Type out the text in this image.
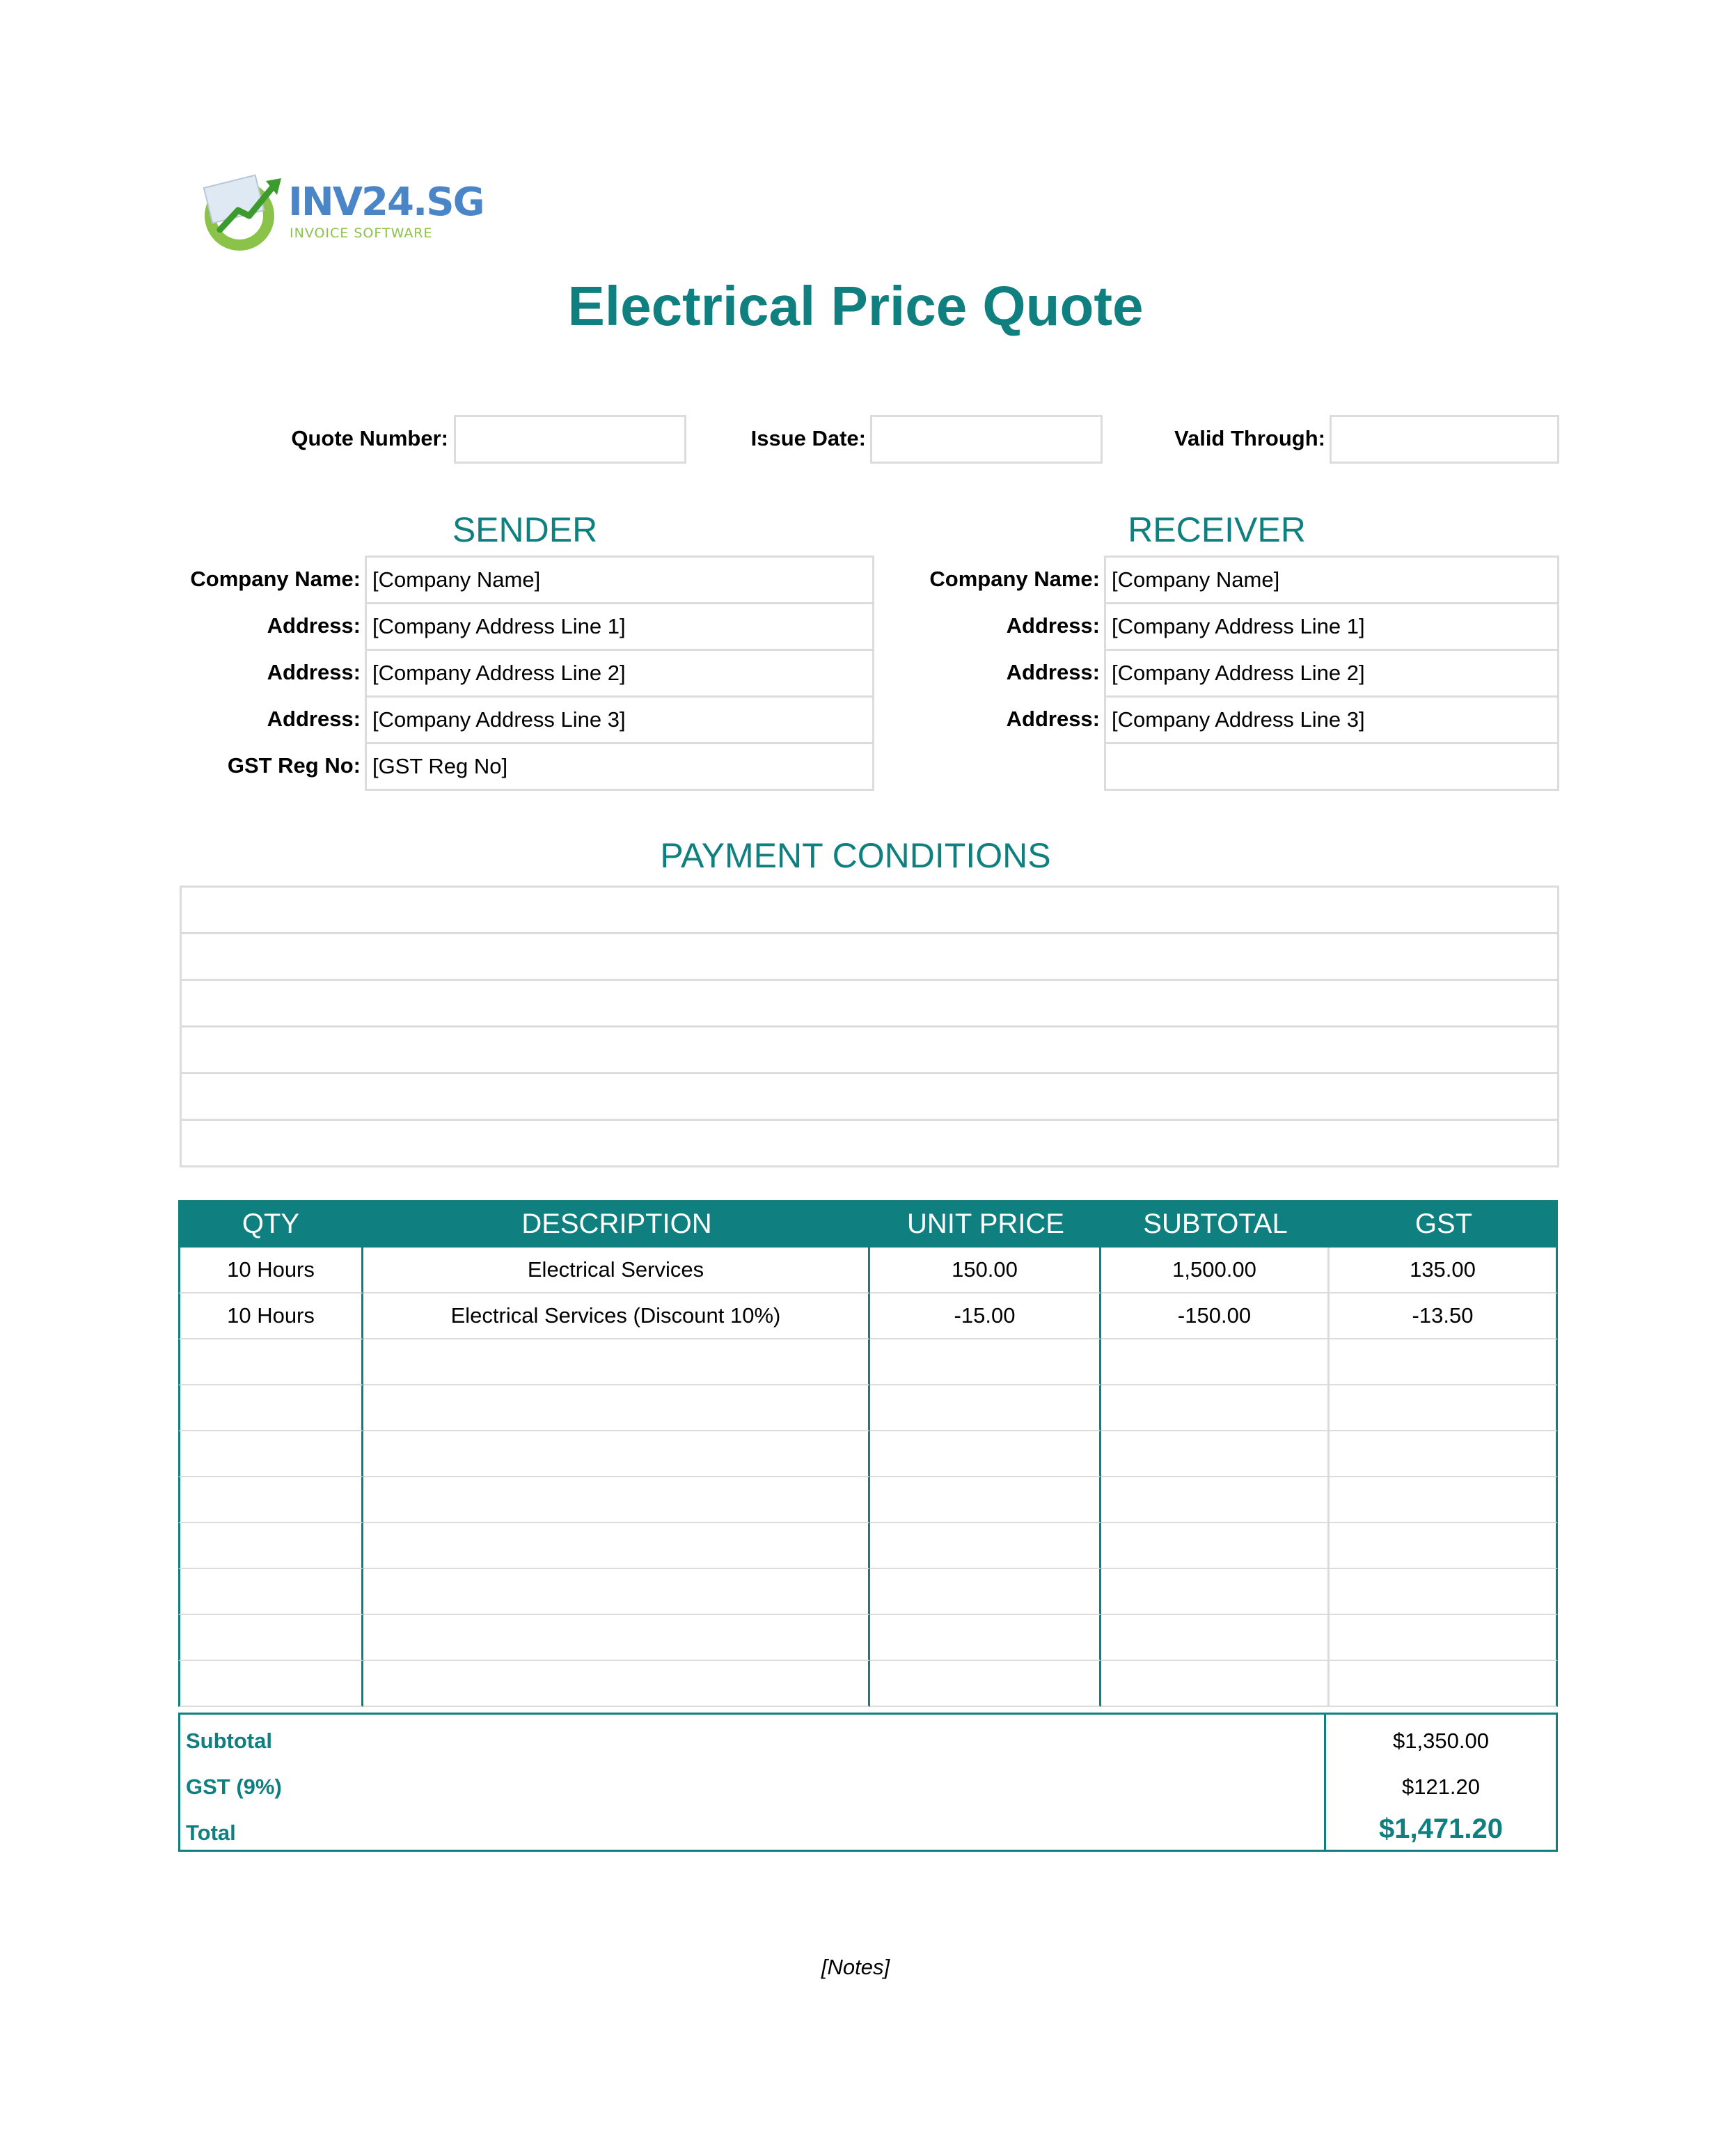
INV24.SG
INVOICE SOFTWARE
Electrical Price Quote
Quote Number:	Issue Date:	Valid Through:
SENDER
Company Name: [Company Name]
Address: [Company Address Line 1]
Address: [Company Address Line 2]
Address: [Company Address Line 3]
GST Reg No: [GST Reg No]
RECEIVER
Company Name: [Company Name]
Address: [Company Address Line 1]
Address: [Company Address Line 2]
Address: [Company Address Line 3]
PAYMENT CONDITIONS
QTY	DESCRIPTION	UNIT PRICE	SUBTOTAL	GST
10 Hours	Electrical Services	150.00	1,500.00	135.00
10 Hours	Electrical Services (Discount 10%)	-15.00	-150.00	-13.50
Subtotal	$1,350.00
GST (9%)	$121.20
Total	$1,471.20
[Notes]
